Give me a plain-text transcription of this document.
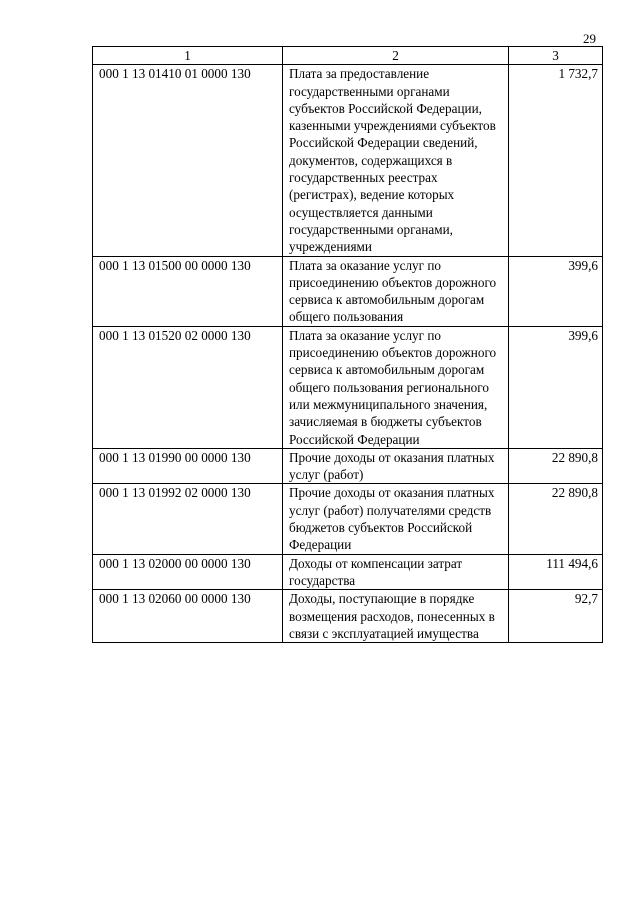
29
1	2	3
000 1 13 01410 01 0000 130	Плата за предоставление государственными органами субъектов Российской Федерации, казенными учреждениями субъектов Российской Федерации сведений, документов, содержащихся в государственных реестрах (регистрах), ведение которых осуществляется данными государственными органами, учреждениями	1 732,7
000 1 13 01500 00 0000 130	Плата за оказание услуг по присоединению объектов дорожного сервиса к автомобильным дорогам общего пользования	399,6
000 1 13 01520 02 0000 130	Плата за оказание услуг по присоединению объектов дорожного сервиса к автомобильным дорогам общего пользования регионального или межмуниципального значения, зачисляемая в бюджеты субъектов Российской Федерации	399,6
000 1 13 01990 00 0000 130	Прочие доходы от оказания платных услуг (работ)	22 890,8
000 1 13 01992 02 0000 130	Прочие доходы от оказания платных услуг (работ) получателями средств бюджетов субъектов Российской Федерации	22 890,8
000 1 13 02000 00 0000 130	Доходы от компенсации затрат государства	111 494,6
000 1 13 02060 00 0000 130	Доходы, поступающие в порядке возмещения расходов, понесенных в связи с эксплуатацией имущества	92,7
